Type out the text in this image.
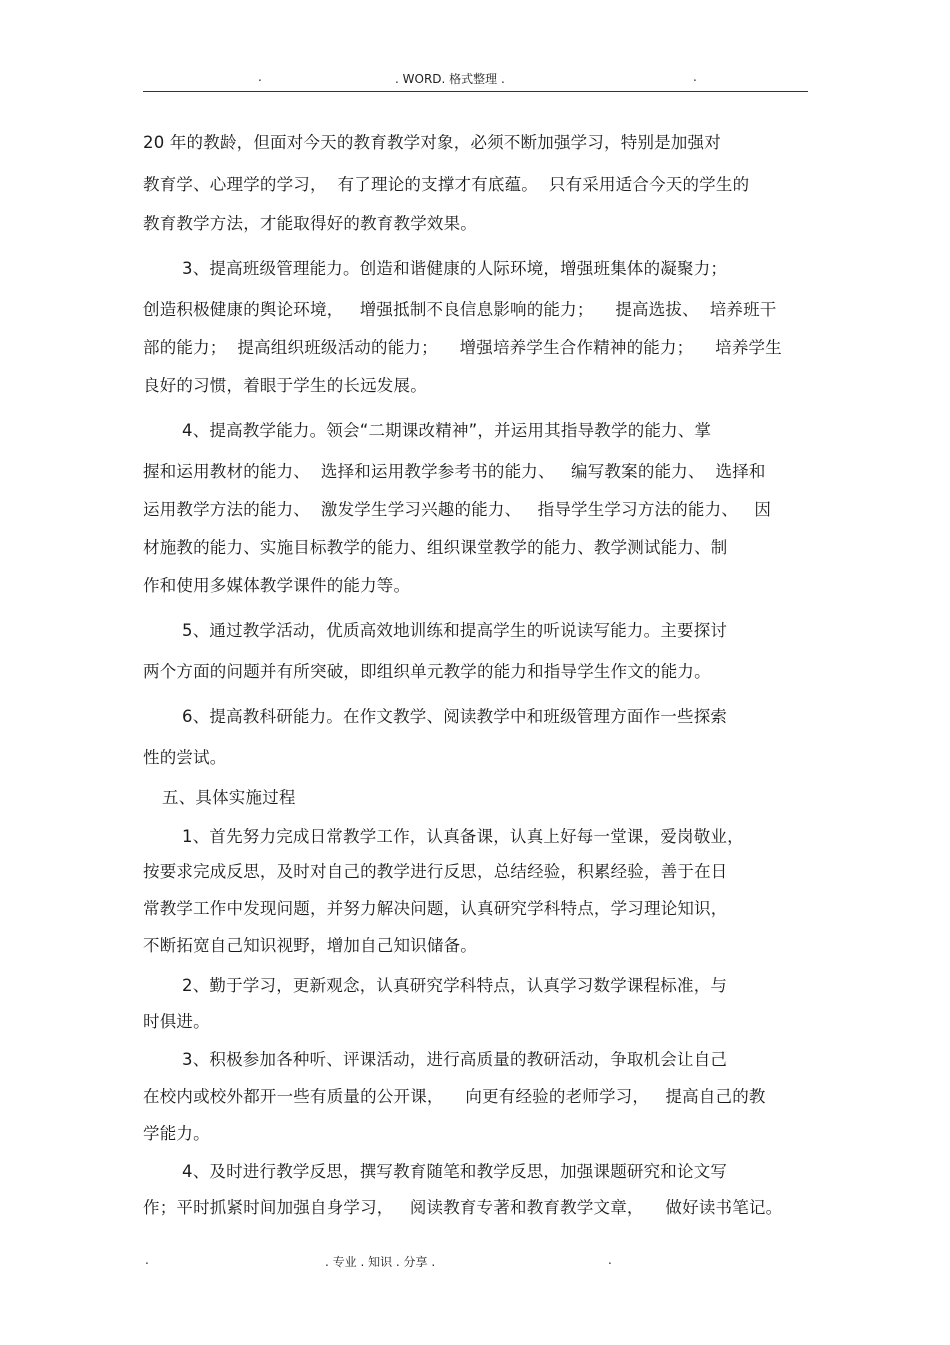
.	. WORD. 格式整理 .	.
20 年的教龄，但面对今天的教育教学对象，必须不断加强学习，特别是加强对
教育学、心理学的学习，  有了理论的支撑才有底蕴。  只有采用适合今天的学生的
教育教学方法，才能取得好的教育教学效果。
3、提高班级管理能力。创造和谐健康的人际环境，增强班集体的凝聚力；
创造积极健康的舆论环境，   增强抵制不良信息影响的能力；    提高选拔、  培养班干
部的能力；  提高组织班级活动的能力；    增强培养学生合作精神的能力；    培养学生
良好的习惯，着眼于学生的长远发展。
4、提高教学能力。领会“二期课改精神”，并运用其指导教学的能力、掌
握和运用教材的能力、  选择和运用教学参考书的能力、   编写教案的能力、  选择和
运用教学方法的能力、  激发学生学习兴趣的能力、   指导学生学习方法的能力、   因
材施教的能力、实施目标教学的能力、组织课堂教学的能力、教学测试能力、制
作和使用多媒体教学课件的能力等。
5、通过教学活动，优质高效地训练和提高学生的听说读写能力。主要探讨
两个方面的问题并有所突破，即组织单元教学的能力和指导学生作文的能力。
6、提高教科研能力。在作文教学、阅读教学中和班级管理方面作一些探索
性的尝试。
五、具体实施过程
1、首先努力完成日常教学工作，认真备课，认真上好每一堂课，爱岗敬业，
按要求完成反思，及时对自己的教学进行反思，总结经验，积累经验，善于在日
常教学工作中发现问题，并努力解决问题，认真研究学科特点，学习理论知识，
不断拓宽自己知识视野，增加自己知识储备。
2、勤于学习，更新观念，认真研究学科特点，认真学习数学课程标准，与
时俱进。
3、积极参加各种听、评课活动，进行高质量的教研活动，争取机会让自己
在校内或校外都开一些有质量的公开课，    向更有经验的老师学习，   提高自己的教
学能力。
4、及时进行教学反思，撰写教育随笔和教学反思，加强课题研究和论文写
作；平时抓紧时间加强自身学习，   阅读教育专著和教育教学文章，    做好读书笔记。
.	. 专业 . 知识 . 分享 .	.
